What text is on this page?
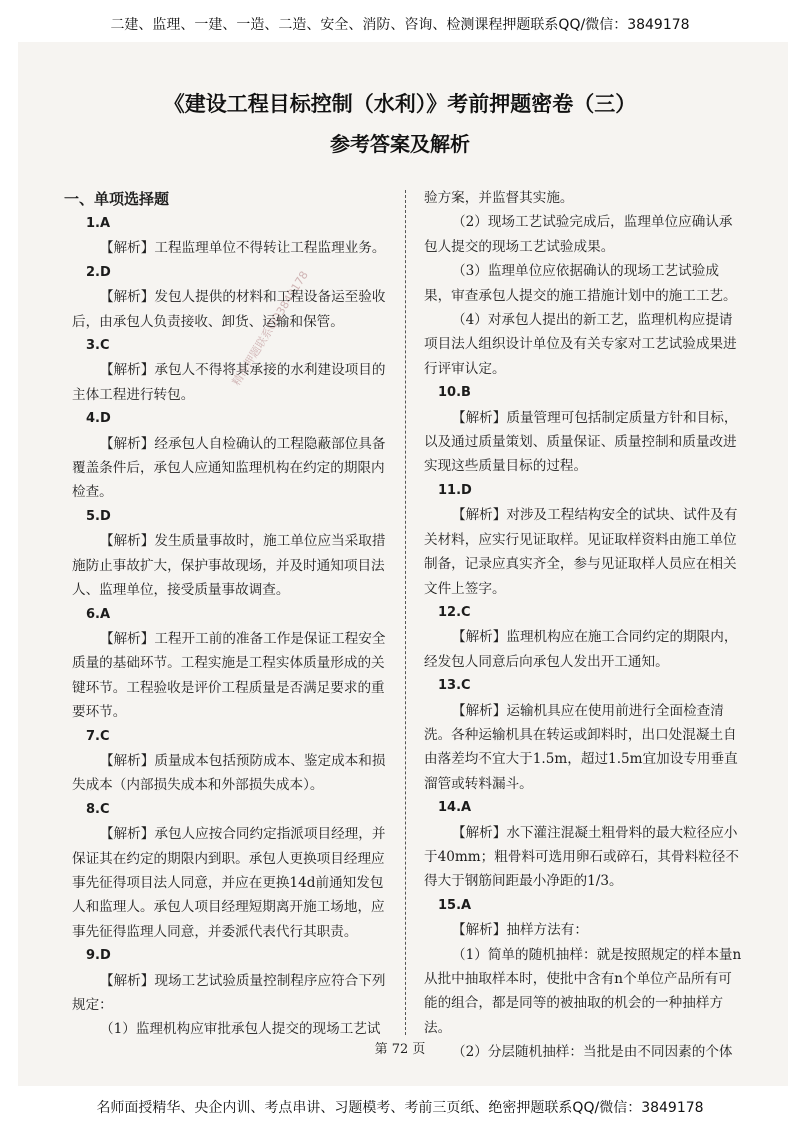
二建、监理、一建、一造、二造、安全、消防、咨询、检测课程押题联系QQ/微信：3849178
《建设工程目标控制（水利）》考前押题密卷（三）
参考答案及解析
精准押题联系QQ3849178
一、单项选择题
1.A
【解析】工程监理单位不得转让工程监理业务。
2.D
【解析】发包人提供的材料和工程设备运至验收后，由承包人负责接收、卸货、运输和保管。
3.C
【解析】承包人不得将其承接的水利建设项目的主体工程进行转包。
4.D
【解析】经承包人自检确认的工程隐蔽部位具备覆盖条件后，承包人应通知监理机构在约定的期限内检查。
5.D
【解析】发生质量事故时，施工单位应当采取措施防止事故扩大，保护事故现场，并及时通知项目法人、监理单位，接受质量事故调查。
6.A
【解析】工程开工前的准备工作是保证工程安全质量的基础环节。工程实施是工程实体质量形成的关键环节。工程验收是评价工程质量是否满足要求的重要环节。
7.C
【解析】质量成本包括预防成本、鉴定成本和损失成本（内部损失成本和外部损失成本）。
8.C
【解析】承包人应按合同约定指派项目经理，并保证其在约定的期限内到职。承包人更换项目经理应事先征得项目法人同意，并应在更换14d前通知发包人和监理人。承包人项目经理短期离开施工场地，应事先征得监理人同意，并委派代表代行其职责。
9.D
【解析】现场工艺试验质量控制程序应符合下列规定：
（1）监理机构应审批承包人提交的现场工艺试
验方案，并监督其实施。
（2）现场工艺试验完成后，监理单位应确认承包人提交的现场工艺试验成果。
（3）监理单位应依据确认的现场工艺试验成果，审查承包人提交的施工措施计划中的施工工艺。
（4）对承包人提出的新工艺，监理机构应提请项目法人组织设计单位及有关专家对工艺试验成果进行评审认定。
10.B
【解析】质量管理可包括制定质量方针和目标，以及通过质量策划、质量保证、质量控制和质量改进实现这些质量目标的过程。
11.D
【解析】对涉及工程结构安全的试块、试件及有关材料，应实行见证取样。见证取样资料由施工单位制备，记录应真实齐全，参与见证取样人员应在相关文件上签字。
12.C
【解析】监理机构应在施工合同约定的期限内，经发包人同意后向承包人发出开工通知。
13.C
【解析】运输机具应在使用前进行全面检查清洗。各种运输机具在转运或卸料时，出口处混凝土自由落差均不宜大于1.5m，超过1.5m宜加设专用垂直溜管或转料漏斗。
14.A
【解析】水下灌注混凝土粗骨料的最大粒径应小于40mm；粗骨料可选用卵石或碎石，其骨料粒径不得大于钢筋间距最小净距的1/3。
15.A
【解析】抽样方法有：
（1）简单的随机抽样：就是按照规定的样本量n从批中抽取样本时，使批中含有n个单位产品所有可能的组合，都是同等的被抽取的机会的一种抽样方法。
（2）分层随机抽样：当批是由不同因素的个体
第 72 页
名师面授精华、央企内训、考点串讲、习题模考、考前三页纸、绝密押题联系QQ/微信：3849178
